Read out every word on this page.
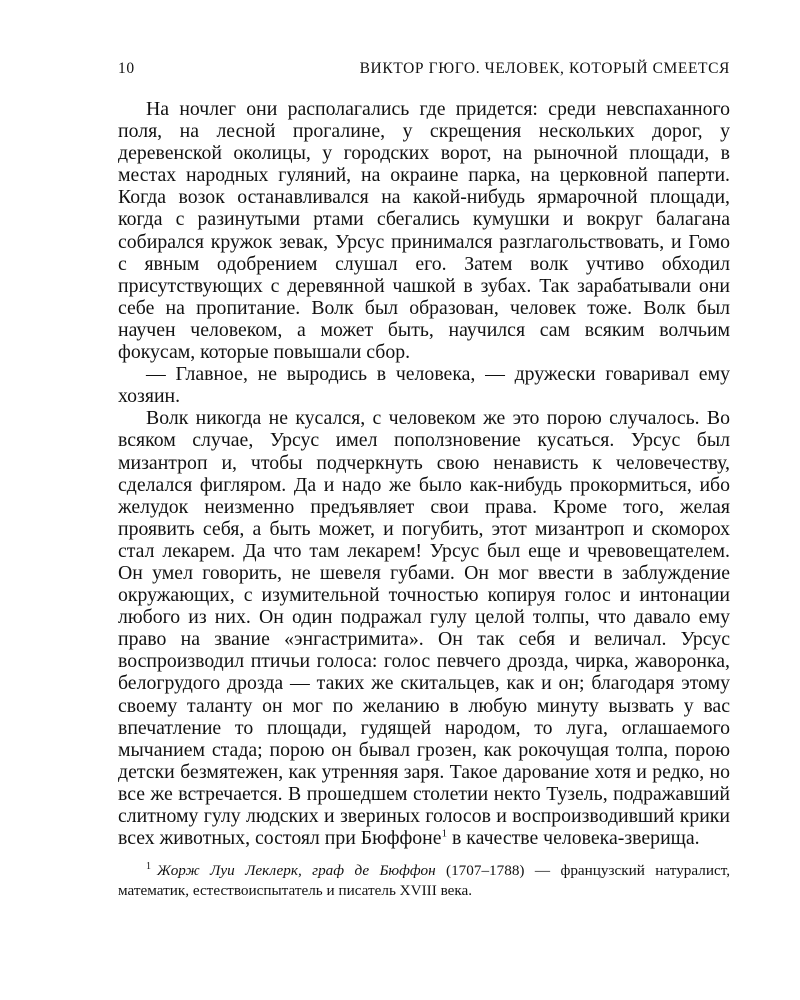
10	ВИКТОР ГЮГО. ЧЕЛОВЕК, КОТОРЫЙ СМЕЕТСЯ

На ночлег они располагались где придется: среди невспаханного поля, на лесной прогалине, у скрещения нескольких дорог, у деревенской околицы, у городских ворот, на рыночной площади, в местах народных гуляний, на окраине парка, на церковной паперти. Когда возок останавливался на какой-нибудь ярмарочной площади, когда с разинутыми ртами сбегались кумушки и вокруг балагана собирался кружок зевак, Урсус принимался разглагольствовать, и Гомо с явным одобрением слушал его. Затем волк учтиво обходил присутствующих с деревянной чашкой в зубах. Так зарабатывали они себе на пропитание. Волк был образован, человек тоже. Волк был научен человеком, а может быть, научился сам всяким волчьим фокусам, которые повышали сбор.

— Главное, не выродись в человека, — дружески говаривал ему хозяин.

Волк никогда не кусался, с человеком же это порою случалось. Во всяком случае, Урсус имел поползновение кусаться. Урсус был мизантроп и, чтобы подчеркнуть свою ненависть к человечеству, сделался фигляром. Да и надо же было как-нибудь прокормиться, ибо желудок неизменно предъявляет свои права. Кроме того, желая проявить себя, а быть может, и погубить, этот мизантроп и скоморох стал лекарем. Да что там лекарем! Урсус был еще и чревовещателем. Он умел говорить, не шевеля губами. Он мог ввести в заблуждение окружающих, с изумительной точностью копируя голос и интонации любого из них. Он один подражал гулу целой толпы, что давало ему право на звание «энгастримита». Он так себя и величал. Урсус воспроизводил птичьи голоса: голос певчего дрозда, чирка, жаворонка, белогрудого дрозда — таких же скитальцев, как и он; благодаря этому своему таланту он мог по желанию в любую минуту вызвать у вас впечатление то площади, гудящей народом, то луга, оглашаемого мычанием стада; порою он бывал грозен, как рокочущая толпа, порою детски безмятежен, как утренняя заря. Такое дарование хотя и редко, но все же встречается. В прошедшем столетии некто Тузель, подражавший слитному гулу людских и звериных голосов и воспроизводивший крики всех животных, состоял при Бюффоне$^1$ в качестве человека-зверища.

$^1$ Жорж Луи Леклерк, граф де Бюффон (1707–1788) — французский натуралист, математик, естествоиспытатель и писатель XVIII века.
